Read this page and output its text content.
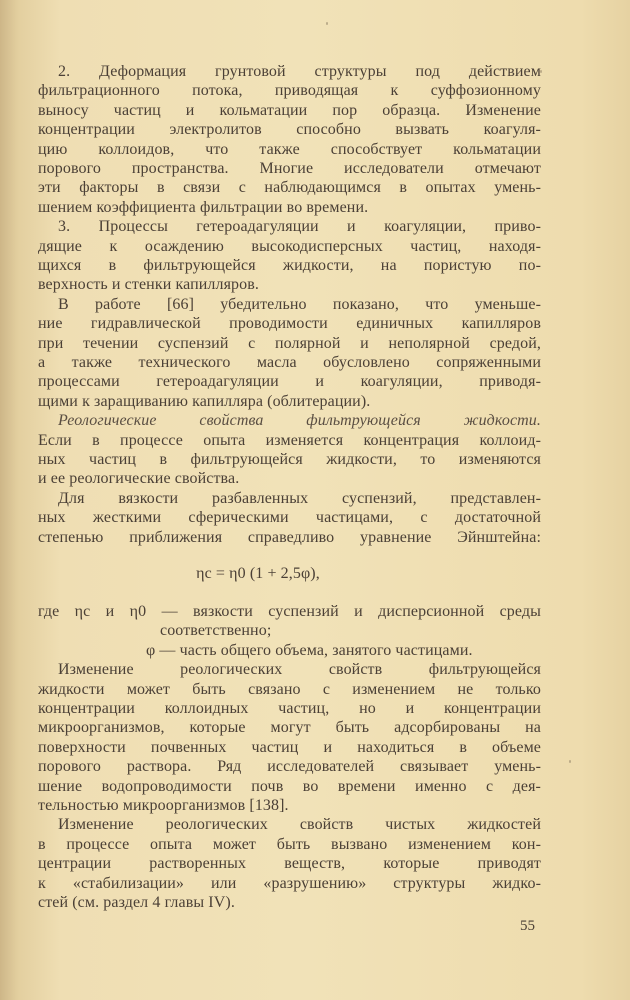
55
2. Деформация грунтовой структуры под действием
фильтрационного потока, приводящая к суффозионному
выносу частиц и кольматации пор образца. Изменение
концентрации электролитов способно вызвать коагуля-
цию коллоидов, что также способствует кольматации
порового пространства. Многие исследователи отмечают
эти факторы в связи с наблюдающимся в опытах умень-
шением коэффициента фильтрации во времени.
3. Процессы гетероадагуляции и коагуляции, приво-
дящие к осаждению высокодисперсных частиц, находя-
щихся в фильтрующейся жидкости, на пористую по-
верхность и стенки капилляров.
В работе [66] убедительно показано, что уменьше-
ние гидравлической проводимости единичных капилляров
при течении суспензий с полярной и неполярной средой,
а также технического масла обусловлено сопряженными
процессами гетероадагуляции и коагуляции, приводя-
щими к заращиванию капилляра (облитерации).
Реологические свойства фильтрующейся жидкости.
Если в процессе опыта изменяется концентрация коллоид-
ных частиц в фильтрующейся жидкости, то изменяются
и ее реологические свойства.
Для вязкости разбавленных суспензий, представлен-
ных жесткими сферическими частицами, с достаточной
степенью приближения справедливо уравнение Эйнштейна:
ηc = η0 (1 + 2,5φ),
где ηc и η0 — вязкости суспензий и дисперсионной среды
соответственно;
φ — часть общего объема, занятого частицами.
Изменение реологических свойств фильтрующейся
жидкости может быть связано с изменением не только
концентрации коллоидных частиц, но и концентрации
микроорганизмов, которые могут быть адсорбированы на
поверхности почвенных частиц и находиться в объеме
порового раствора. Ряд исследователей связывает умень-
шение водопроводимости почв во времени именно с дея-
тельностью микроорганизмов [138].
Изменение реологических свойств чистых жидкостей
в процессе опыта может быть вызвано изменением кон-
центрации растворенных веществ, которые приводят
к «стабилизации» или «разрушению» структуры жидко-
стей (см. раздел 4 главы IV).
